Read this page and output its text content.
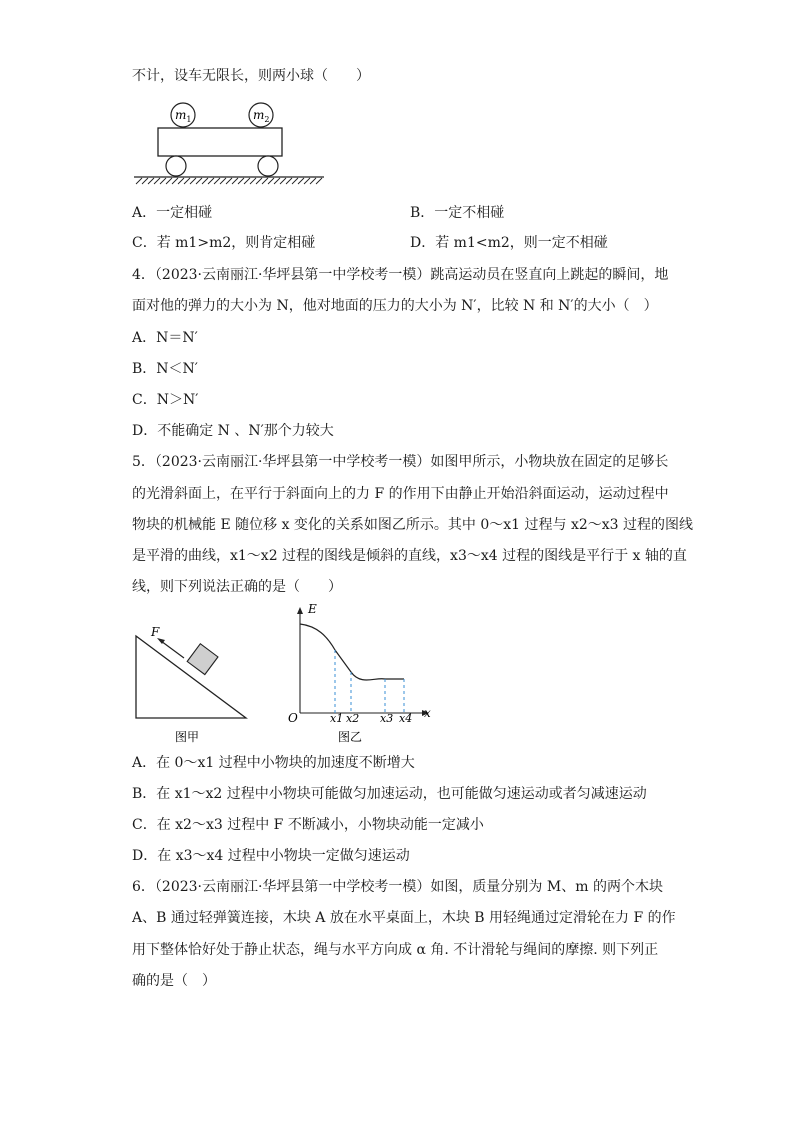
不计，设车无限长，则两小球（　　）
$m_1$	$m_2$
A．一定相碰	B．一定不相碰
C．若 m1>m2，则肯定相碰	D．若 m1<m2，则一定不相碰
4．（2023·云南丽江·华坪县第一中学校考一模）跳高运动员在竖直向上跳起的瞬间，地
面对他的弹力的大小为 N，他对地面的压力的大小为 N′，比较 N 和 N′的大小（　）
A．N＝N′
B．N＜N′
C．N＞N′
D．不能确定 N 、N′那个力较大
5．（2023·云南丽江·华坪县第一中学校考一模）如图甲所示，小物块放在固定的足够长
的光滑斜面上，在平行于斜面向上的力 F 的作用下由静止开始沿斜面运动，运动过程中
物块的机械能 E 随位移 x 变化的关系如图乙所示。其中 0～x1 过程与 x2～x3 过程的图线
是平滑的曲线，x1～x2 过程的图线是倾斜的直线，x3～x4 过程的图线是平行于 x 轴的直
线，则下列说法正确的是（　　）
F
图甲
E
x
O	x1 x2 x3 x4
图乙
A．在 0～x1 过程中小物块的加速度不断增大
B．在 x1～x2 过程中小物块可能做匀加速运动，也可能做匀速运动或者匀减速运动
C．在 x2～x3 过程中 F 不断减小，小物块动能一定减小
D．在 x3～x4 过程中小物块一定做匀速运动
6．（2023·云南丽江·华坪县第一中学校考一模）如图，质量分别为 M、m 的两个木块
A、B 通过轻弹簧连接，木块 A 放在水平桌面上，木块 B 用轻绳通过定滑轮在力 F 的作
用下整体恰好处于静止状态，绳与水平方向成 α 角. 不计滑轮与绳间的摩擦. 则下列正
确的是（　）
